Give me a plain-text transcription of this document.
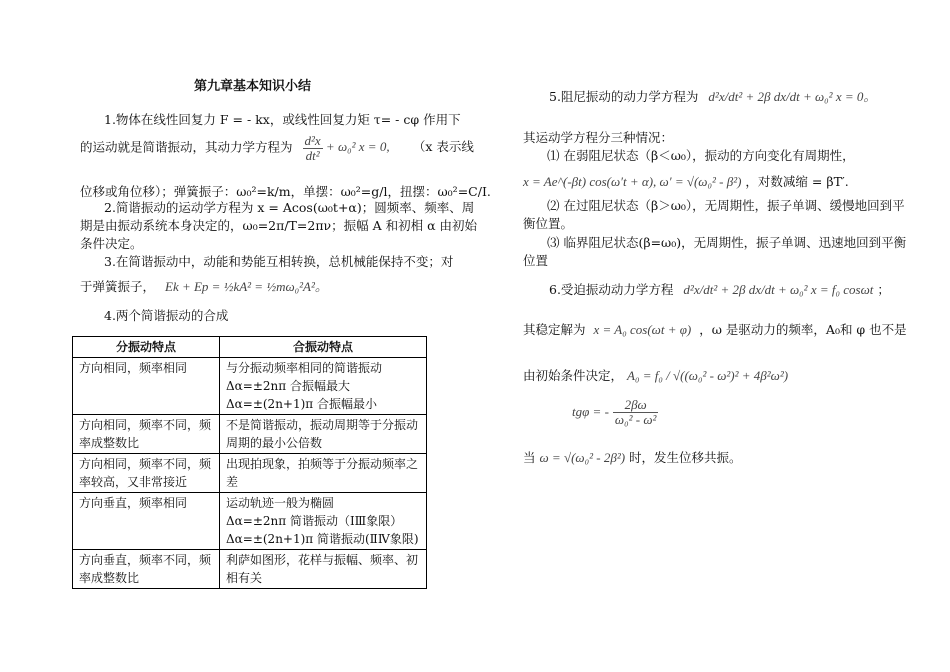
第九章基本知识小结
1.物体在线性回复力 F = - kx，或线性回复力矩 τ= - cφ 作用下
的运动就是简谐振动，其动力学方程为 $\frac{\text{d²x}}{\text{dt²}} + \omega_0^2$ x = 0, （x 表示线
位移或角位移）；弹簧振子：ω₀²=k/m，单摆：ω₀²=g/l，扭摆：ω₀²=C/I.
2.简谐振动的运动学方程为 x = Acos(ω₀t+α)；圆频率、频率、周
期是由振动系统本身决定的，ω₀=2π/T=2πν；振幅 A 和初相 α 由初始
条件决定。
3.在简谐振动中，动能和势能互相转换，总机械能保持不变；对
于弹簧振子， Ek + Ep = ½kA² = ½mω₀²A²。
4.两个简谐振动的合成
分振动特点	合振动特点
方向相同，频率相同	与分振动频率相同的简谐振动
Δα=±2nπ 合振幅最大
Δα=±(2n+1)π 合振幅最小

方向相同，频率不同，频率成整数比	不是简谐振动，振动周期等于分振动周期的最小公倍数

方向相同，频率不同，频率较高，又非常接近	出现拍现象，拍频等于分振动频率之差

方向垂直，频率相同	运动轨迹一般为椭圆
Δα=±2nπ 简谐振动（ⅠⅢ象限）
Δα=±(2n+1)π 简谐振动(ⅡⅣ象限)

方向垂直，频率不同，频率成整数比	利萨如图形，花样与振幅、频率、初相有关
5.阻尼振动的动力学方程为 d²x/dt² + 2β dx/dt + ω₀² x = 0。
其运动学方程分三种情况：
⑴ 在弱阻尼状态（β＜ω₀），振动的方向变化有周期性，
x = Ae^(-βt) cos(ω′t + α), ω′ = √(ω₀² - β²) ，对数减缩 = βT′.
⑵ 在过阻尼状态（β＞ω₀），无周期性，振子单调、缓慢地回到平
衡位置。
⑶ 临界阻尼状态(β=ω₀)，无周期性，振子单调、迅速地回到平衡
位置
6.受迫振动动力学方程 d²x/dt² + 2β dx/dt + ω₀² x = f₀ cosωt ；
其稳定解为 x = A₀ cos(ωt + φ) ，ω 是驱动力的频率，A₀和 φ 也不是
由初始条件决定， A₀ = f₀ / √((ω₀² - ω²)² + 4β²ω²)
tgφ = - $\frac{2\beta\omega}{\text{ω₀² - ω²}}$
当 ω = √(ω₀² - 2β²) 时，发生位移共振。
